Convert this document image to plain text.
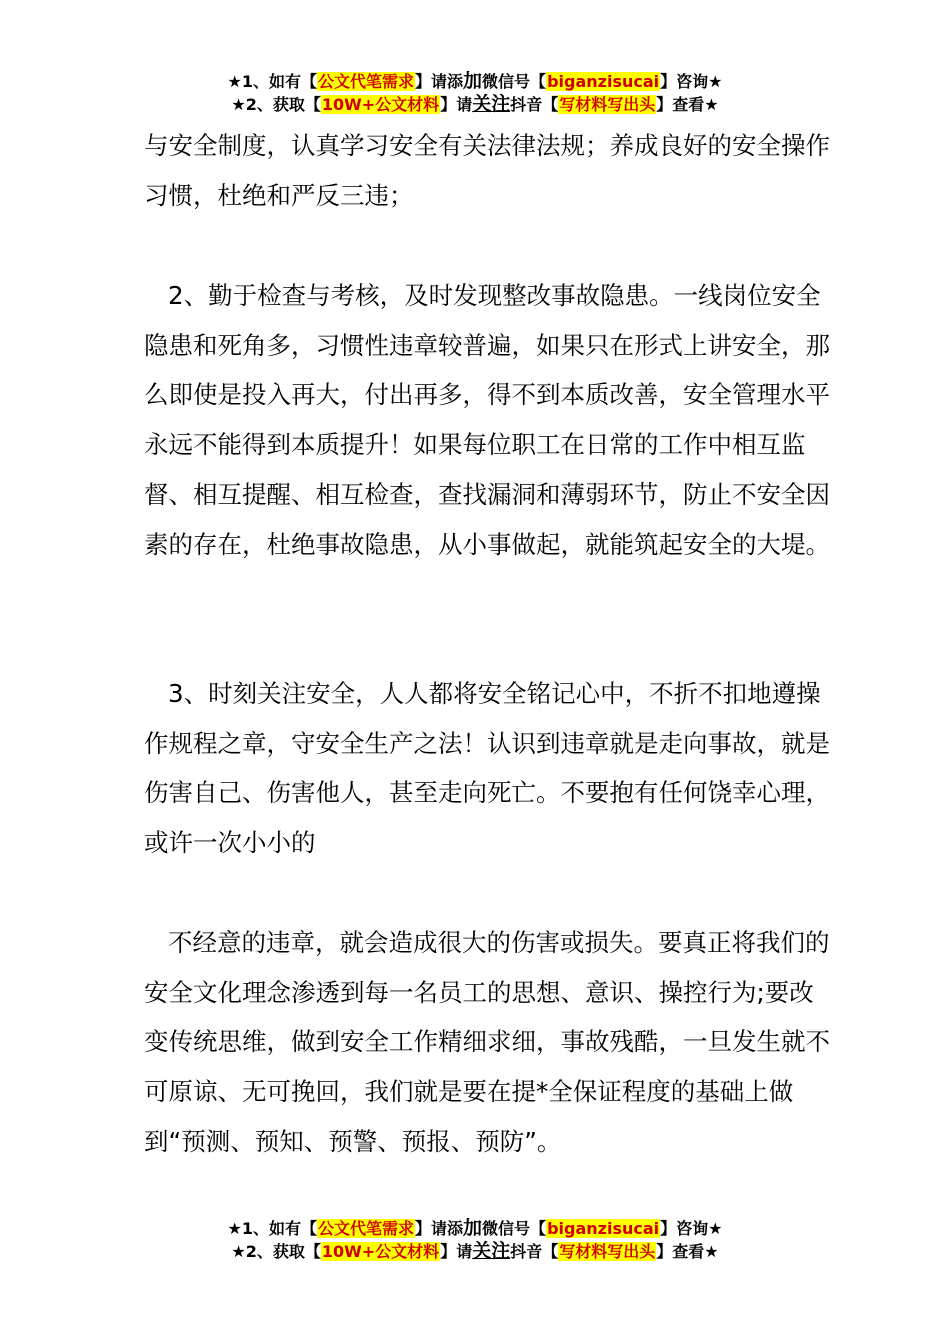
★1、如有【公文代笔需求】请添加微信号【biganzisucai】咨询★
★2、获取【10W+公文材料】请关注抖音【写材料写出头】查看★

与安全制度，认真学习安全有关法律法规；养成良好的安全操作习惯，杜绝和严反三违；

2、勤于检查与考核，及时发现整改事故隐患。一线岗位安全隐患和死角多，习惯性违章较普遍，如果只在形式上讲安全，那么即使是投入再大，付出再多，得不到本质改善，安全管理水平永远不能得到本质提升！如果每位职工在日常的工作中相互监督、相互提醒、相互检查，查找漏洞和薄弱环节，防止不安全因素的存在，杜绝事故隐患，从小事做起，就能筑起安全的大堤。

3、时刻关注安全，人人都将安全铭记心中，不折不扣地遵操作规程之章，守安全生产之法！认识到违章就是走向事故，就是伤害自己、伤害他人，甚至走向死亡。不要抱有任何饶幸心理，或许一次小小的

不经意的违章，就会造成很大的伤害或损失。要真正将我们的安全文化理念渗透到每一名员工的思想、意识、操控行为;要改变传统思维，做到安全工作精细求细，事故残酷，一旦发生就不可原谅、无可挽回，我们就是要在提*全保证程度的基础上做到“预测、预知、预警、预报、预防”。

★1、如有【公文代笔需求】请添加微信号【biganzisucai】咨询★
★2、获取【10W+公文材料】请关注抖音【写材料写出头】查看★
